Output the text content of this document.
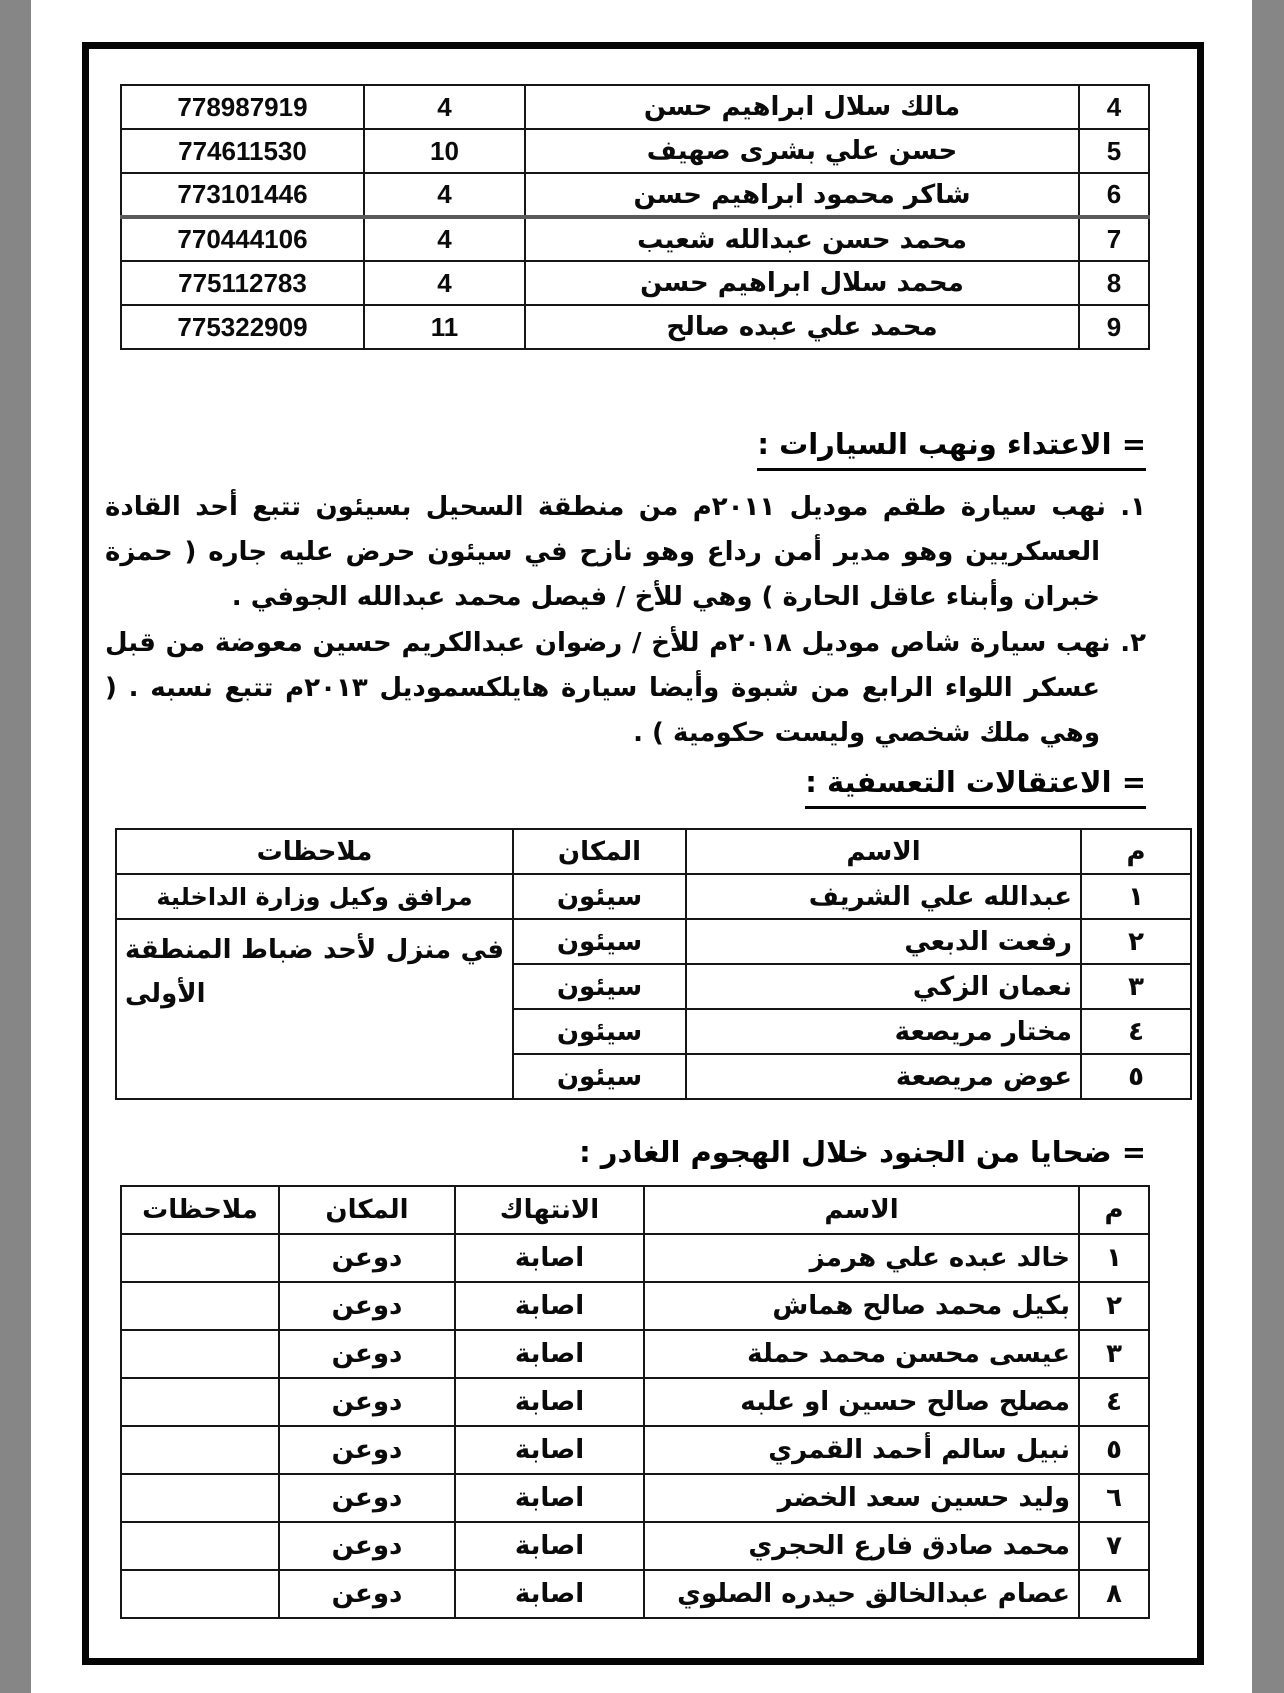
4	مالك سلال ابراهيم حسن	4	778987919
5	حسن علي بشرى صهيف	10	774611530
6	شاكر محمود ابراهيم حسن	4	773101446
7	محمد حسن عبدالله شعيب	4	770444106
8	محمد سلال ابراهيم حسن	4	775112783
9	محمد علي عبده صالح	11	775322909
= الاعتداء ونهب السيارات :
١. نهب سيارة طقم موديل ٢٠١١م من منطقة السحيل بسيئون تتبع أحد القادة العسكريين وهو مدير أمن رداع وهو نازح في سيئون حرض عليه جاره ( حمزة خبران وأبناء عاقل الحارة ) وهي للأخ / فيصل محمد عبدالله الجوفي .
٢. نهب سيارة شاص موديل ٢٠١٨م للأخ / رضوان عبدالكريم حسين معوضة من قبل عسكر اللواء الرابع من شبوة وأيضا سيارة هايلكسموديل ٢٠١٣م تتبع نسبه . ( وهي ملك شخصي وليست حكومية ) .
= الاعتقالات التعسفية :
م	الاسم	المكان	ملاحظات
١	عبدالله علي الشريف	سيئون	مرافق وكيل وزارة الداخلية
٢	رفعت الدبعي	سيئون	في منزل لأحد ضباط المنطقة الأولى
٣	نعمان الزكي	سيئون	
٤	مختار مريصعة	سيئون	
٥	عوض مريصعة	سيئون	
= ضحايا من الجنود خلال الهجوم الغادر :
م	الاسم	الانتهاك	المكان	ملاحظات
١	خالد عبده علي هرمز	اصابة	دوعن	
٢	بكيل محمد صالح هماش	اصابة	دوعن	
٣	عيسى محسن محمد حملة	اصابة	دوعن	
٤	مصلح صالح حسين او علبه	اصابة	دوعن	
٥	نبيل سالم أحمد القمري	اصابة	دوعن	
٦	وليد حسين سعد الخضر	اصابة	دوعن	
٧	محمد صادق فارع الحجري	اصابة	دوعن	
٨	عصام عبدالخالق حيدره الصلوي	اصابة	دوعن	
